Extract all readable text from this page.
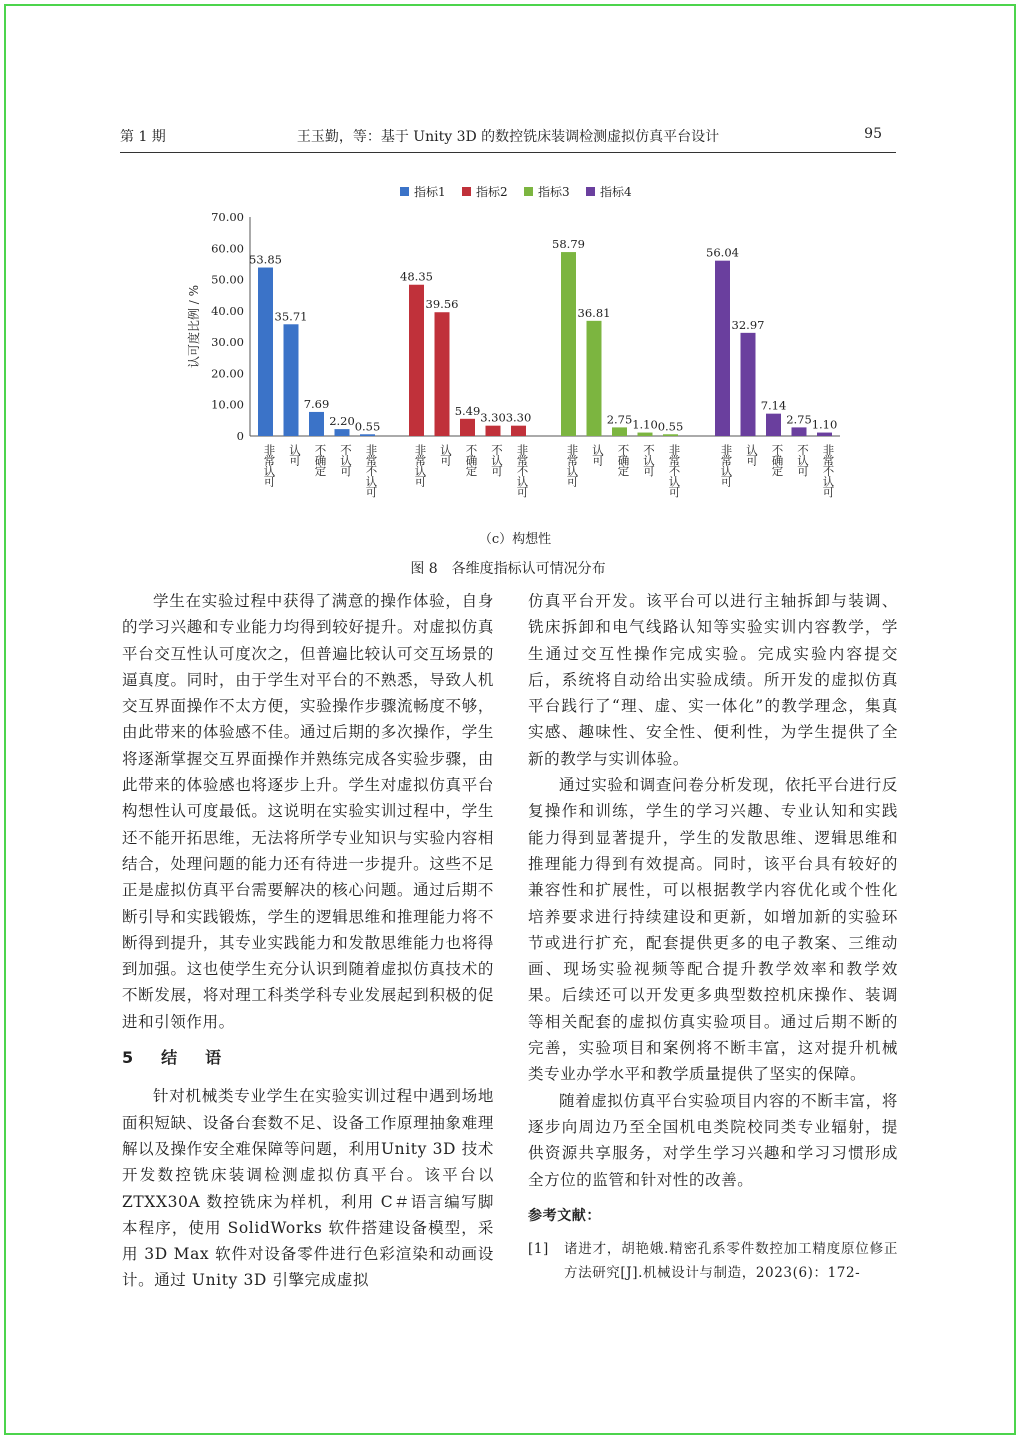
第 1 期	王玉勤，等：基于 Unity 3D 的数控铣床装调检测虚拟仿真平台设计	95
指标1	指标2	指标3	指标4
0
10.00
20.00
30.00
40.00
50.00
60.00
70.00
认可度比例 / %
53.85
非常认可
35.71
认可
7.69
不确定
2.20
不认可
0.55
非常不认可
48.35
非常认可
39.56
认可
5.49
不确定
3.30
不认可
3.30
非常不认可
58.79
非常认可
36.81
认可
2.75
不确定
1.10
不认可
0.55
非常不认可
56.04
非常认可
32.97
认可
7.14
不确定
2.75
不认可
1.10
非常不认可
（c）构想性
图 8　各维度指标认可情况分布

学生在实验过程中获得了满意的操作体验，自身的学习兴趣和专业能力均得到较好提升。对虚拟仿真平台交互性认可度次之，但普遍比较认可交互场景的逼真度。同时，由于学生对平台的不熟悉，导致人机交互界面操作不太方便，实验操作步骤流畅度不够，由此带来的体验感不佳。通过后期的多次操作，学生将逐渐掌握交互界面操作并熟练完成各实验步骤，由此带来的体验感也将逐步上升。学生对虚拟仿真平台构想性认可度最低。这说明在实验实训过程中，学生还不能开拓思维，无法将所学专业知识与实验内容相结合，处理问题的能力还有待进一步提升。这些不足正是虚拟仿真平台需要解决的核心问题。通过后期不断引导和实践锻炼，学生的逻辑思维和推理能力将不断得到提升，其专业实践能力和发散思维能力也将得到加强。这也使学生充分认识到随着虚拟仿真技术的不断发展，将对理工科类学科专业发展起到积极的促进和引领作用。

5　结　语

针对机械类专业学生在实验实训过程中遇到场地面积短缺、设备台套数不足、设备工作原理抽象难理解以及操作安全难保障等问题，利用Unity 3D 技术开发数控铣床装调检测虚拟仿真平台。该平台以 ZTXX30A 数控铣床为样机，利用 C＃语言编写脚本程序，使用 SolidWorks 软件搭建设备模型，采用 3D Max 软件对设备零件进行色彩渲染和动画设计。通过 Unity 3D 引擎完成虚拟

仿真平台开发。该平台可以进行主轴拆卸与装调、铣床拆卸和电气线路认知等实验实训内容教学，学生通过交互性操作完成实验。完成实验内容提交后，系统将自动给出实验成绩。所开发的虚拟仿真平台践行了“理、虚、实一体化”的教学理念，集真实感、趣味性、安全性、便利性，为学生提供了全新的教学与实训体验。

通过实验和调查问卷分析发现，依托平台进行反复操作和训练，学生的学习兴趣、专业认知和实践能力得到显著提升，学生的发散思维、逻辑思维和推理能力得到有效提高。同时，该平台具有较好的兼容性和扩展性，可以根据教学内容优化或个性化培养要求进行持续建设和更新，如增加新的实验环节或进行扩充，配套提供更多的电子教案、三维动画、现场实验视频等配合提升教学效率和教学效果。后续还可以开发更多典型数控机床操作、装调等相关配套的虚拟仿真实验项目。通过后期不断的完善，实验项目和案例将不断丰富，这对提升机械类专业办学水平和教学质量提供了坚实的保障。

随着虚拟仿真平台实验项目内容的不断丰富，将逐步向周边乃至全国机电类院校同类专业辐射，提供资源共享服务，对学生学习兴趣和学习习惯形成全方位的监管和针对性的改善。

参考文献：
[1]	诸进才，胡艳娥.精密孔系零件数控加工精度原位修正方法研究[J].机械设计与制造，2023(6)：172-
